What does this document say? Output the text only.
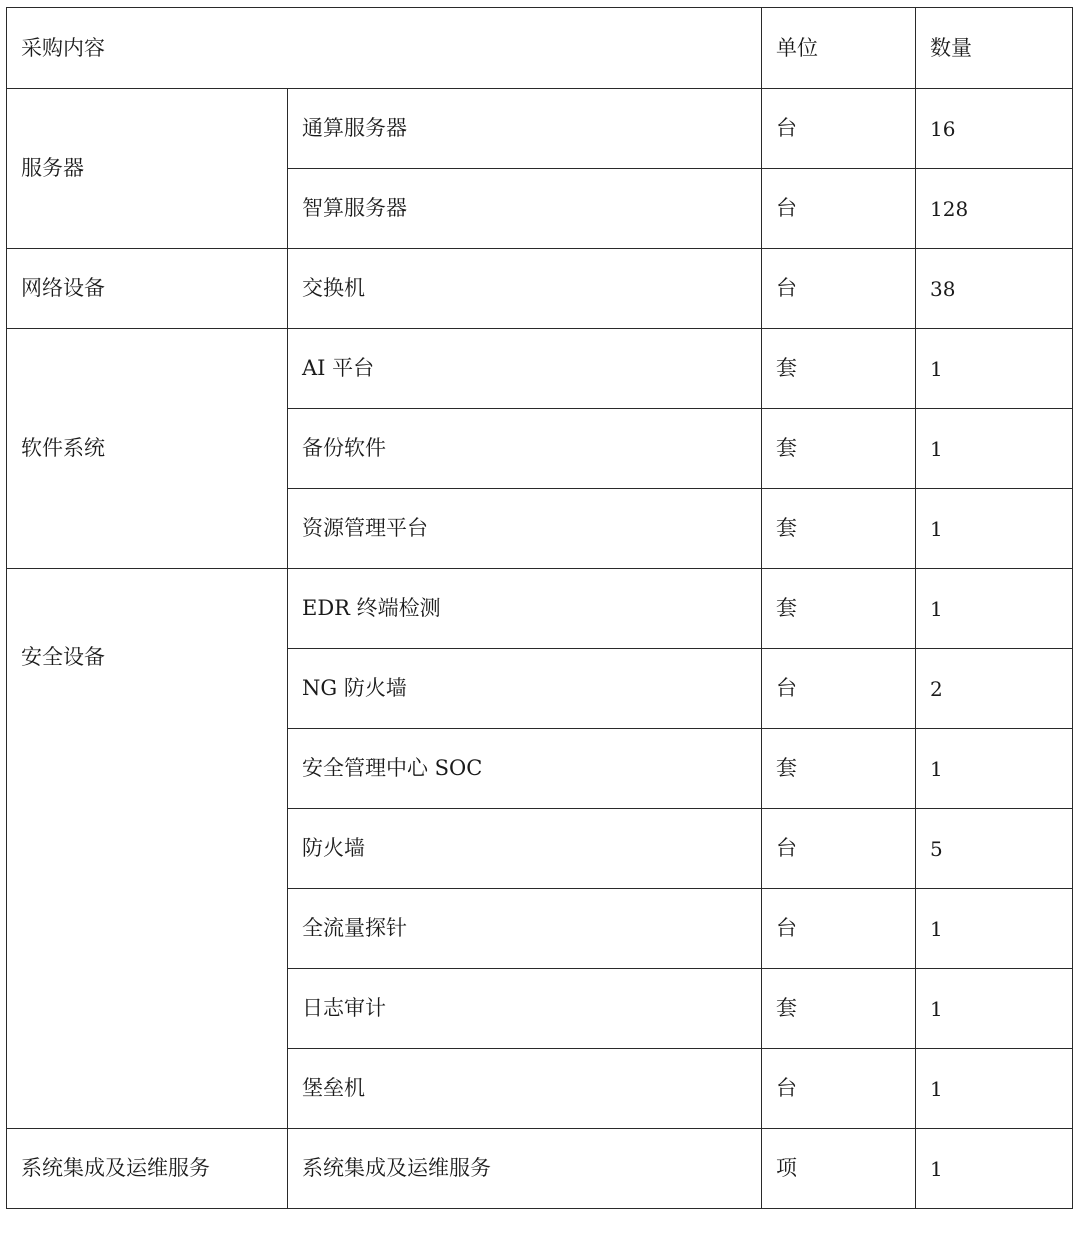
采购内容		单位	数量

服务器	通算服务器	台	16
	智算服务器	台	128

网络设备	交换机	台	38

软件系统	AI 平台	套	1
	备份软件	套	1
	资源管理平台	套	1

安全设备	EDR 终端检测	套	1
	NG 防火墙	台	2
	安全管理中心 SOC	套	1
	防火墙	台	5
	全流量探针	台	1
	日志审计	套	1
	堡垒机	台	1

系统集成及运维服务	系统集成及运维服务	项	1
